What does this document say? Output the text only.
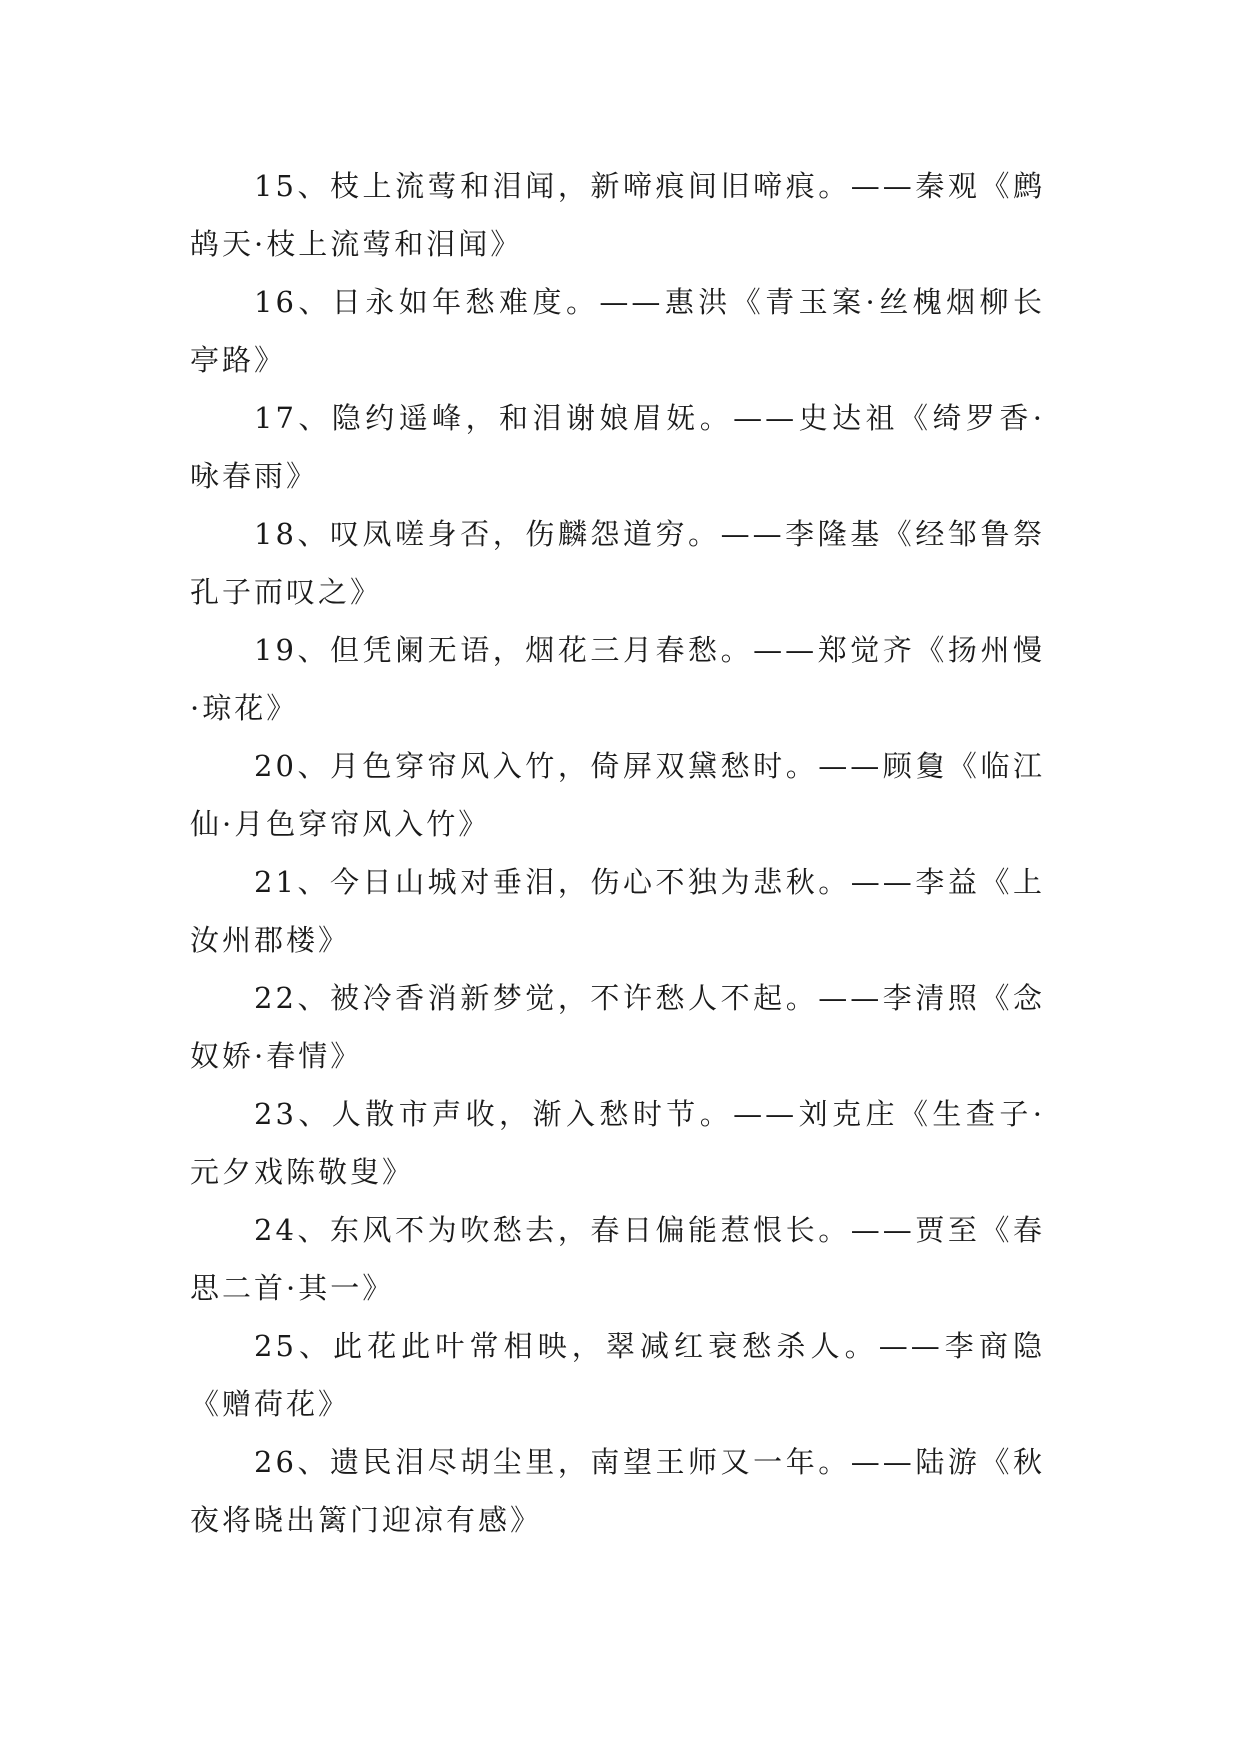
15、枝上流莺和泪闻，新啼痕间旧啼痕。——秦观《鹧鸪天·枝上流莺和泪闻》

16、日永如年愁难度。——惠洪《青玉案·丝槐烟柳长亭路》

17、隐约遥峰，和泪谢娘眉妩。——史达祖《绮罗香·咏春雨》

18、叹凤嗟身否，伤麟怨道穷。——李隆基《经邹鲁祭孔子而叹之》

19、但凭阑无语，烟花三月春愁。——郑觉齐《扬州慢·琼花》

20、月色穿帘风入竹，倚屏双黛愁时。——顾敻《临江仙·月色穿帘风入竹》

21、今日山城对垂泪，伤心不独为悲秋。——李益《上汝州郡楼》

22、被冷香消新梦觉，不许愁人不起。——李清照《念奴娇·春情》

23、人散市声收，渐入愁时节。——刘克庄《生查子·元夕戏陈敬叟》

24、东风不为吹愁去，春日偏能惹恨长。——贾至《春思二首·其一》

25、此花此叶常相映，翠减红衰愁杀人。——李商隐《赠荷花》

26、遗民泪尽胡尘里，南望王师又一年。——陆游《秋夜将晓出篱门迎凉有感》
